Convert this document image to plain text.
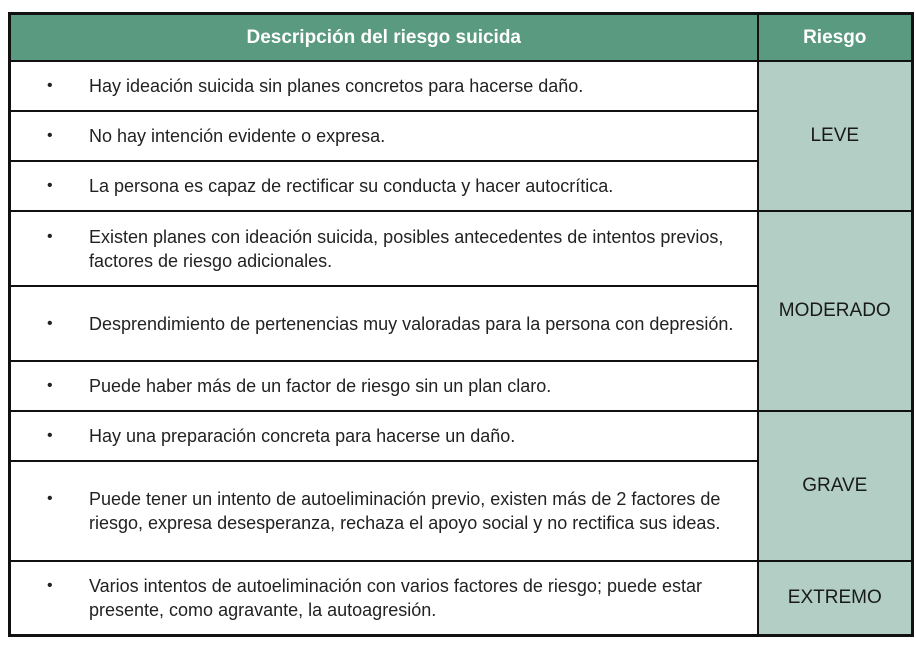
Descripción del riesgo suicida	Riesgo

• Hay ideación suicida sin planes concretos para hacerse daño.	LEVE

• No hay intención evidente o expresa.	

• La persona es capaz de rectificar su conducta y hacer autocrítica.	

• Existen planes con ideación suicida, posibles antecedentes de intentos previos, factores de riesgo adicionales.	MODERADO

• Desprendimiento de pertenencias muy valoradas para la persona con depresión.	

• Puede haber más de un factor de riesgo sin un plan claro.	

• Hay una preparación concreta para hacerse un daño.	GRAVE

• Puede tener un intento de autoeliminación previo, existen más de 2 factores de riesgo, expresa desesperanza, rechaza el apoyo social y no rectifica sus ideas.	

• Varios intentos de autoeliminación con varios factores de riesgo; puede estar presente, como agravante, la autoagresión.	EXTREMO
